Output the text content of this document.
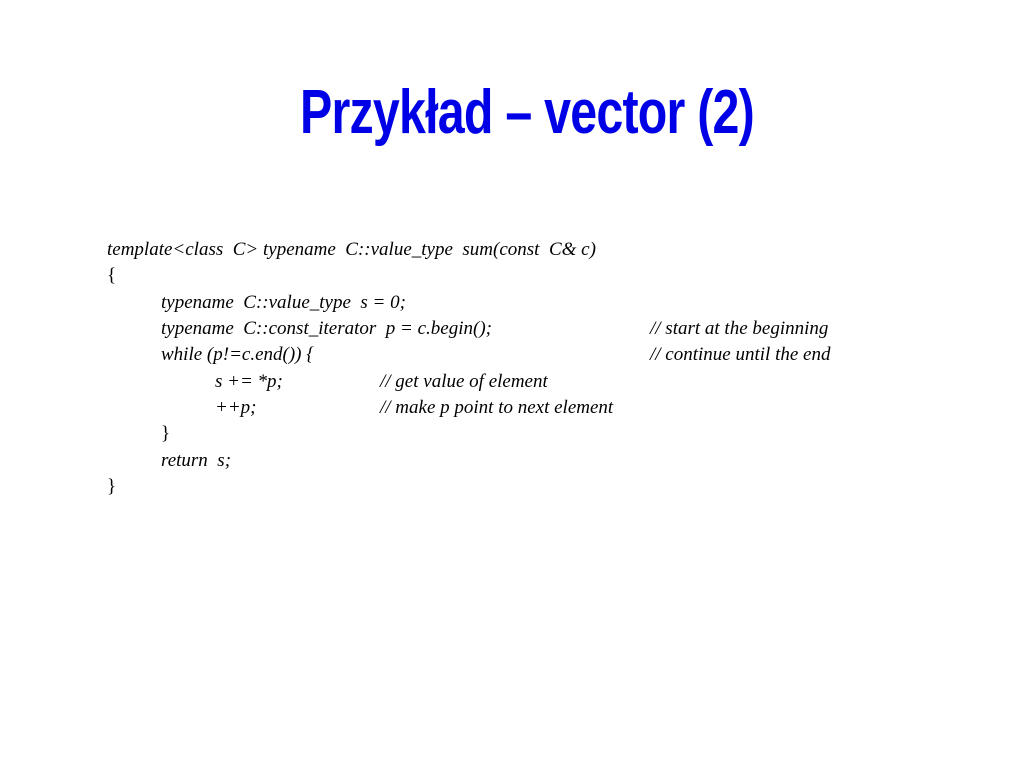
Przykład – vector (2)
template<class  C> typename  C::value_type  sum(const  C& c)
{
typename  C::value_type  s = 0;
typename  C::const_iterator  p = c.begin();	// start at the beginning
while (p!=c.end()) {	// continue until the end
s += *p;	// get value of element
++p;	// make p point to next element
}
return  s;
}
